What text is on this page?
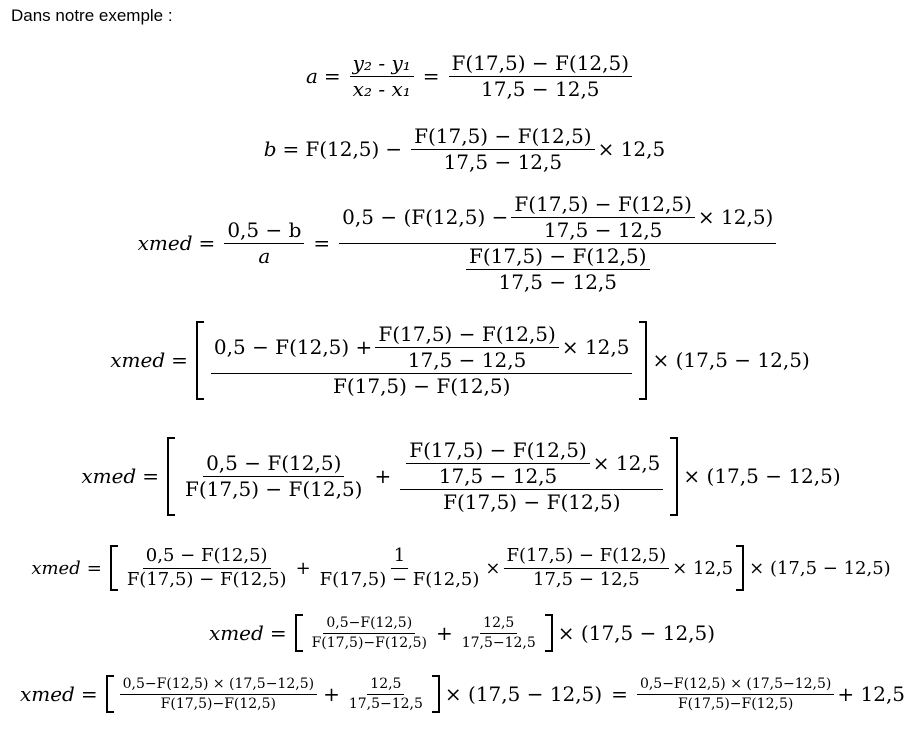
Dans notre exemple :
$a = \frac{\text{y₂ - y₁}}{\text{x₂ - x₁}} = \frac{F(17,5) - F(12,5)}{17,5 - 12,5}$
$b = F(12,5) - \frac{F(17,5) - F(12,5)}{17,5 - 12,5} \times 12,5$
xmed = $\frac{0,5 - b}{a}$ =
$0,5 - (F(12,5) - \frac{F(17,5) - F(12,5)}{17,5 - 12,5} \times 12,5)$
$\frac{F(17,5) - F(12,5)}{17,5 - 12,5}$
xmed =
$0,5 - F(12,5) + \frac{F(17,5) - F(12,5)}{17,5 - 12,5} \times 12,5$
F(17,5) − F(12,5)
× (17,5 − 12,5)
xmed =	$\frac{0,5 - F(12,5)}{F(17,5) - F(12,5)} + \frac{F(17,5) - F(12,5)}{17,5 - 12,5} \times 12,5$
F(17,5) − F(12,5)
× (17,5 − 12,5)
xmed =	$\frac{0,5 - F(12,5)}{F(17,5) - F(12,5)} + \frac{1}{F(17,5) - F(12,5)} \times \frac{F(17,5) - F(12,5)}{17,5 - 12,5} \times 12,5 \times (17,5 - 12,5)$
xmed =	$\frac{0,5-F(12,5)}{F(17,5)-F(12,5)} + \frac{12,5}{17,5-12,5} \times (17,5 - 12,5)$
xmed =	$\frac{0,5-F(12,5) \times (17,5-12,5)}{F(17,5)-F(12,5)} + \frac{12,5}{17,5-12,5} \times (17,5 - 12,5) = \frac{0,5-F(12,5) \times (17,5-12,5)}{F(17,5)-F(12,5)} + 12,5$
